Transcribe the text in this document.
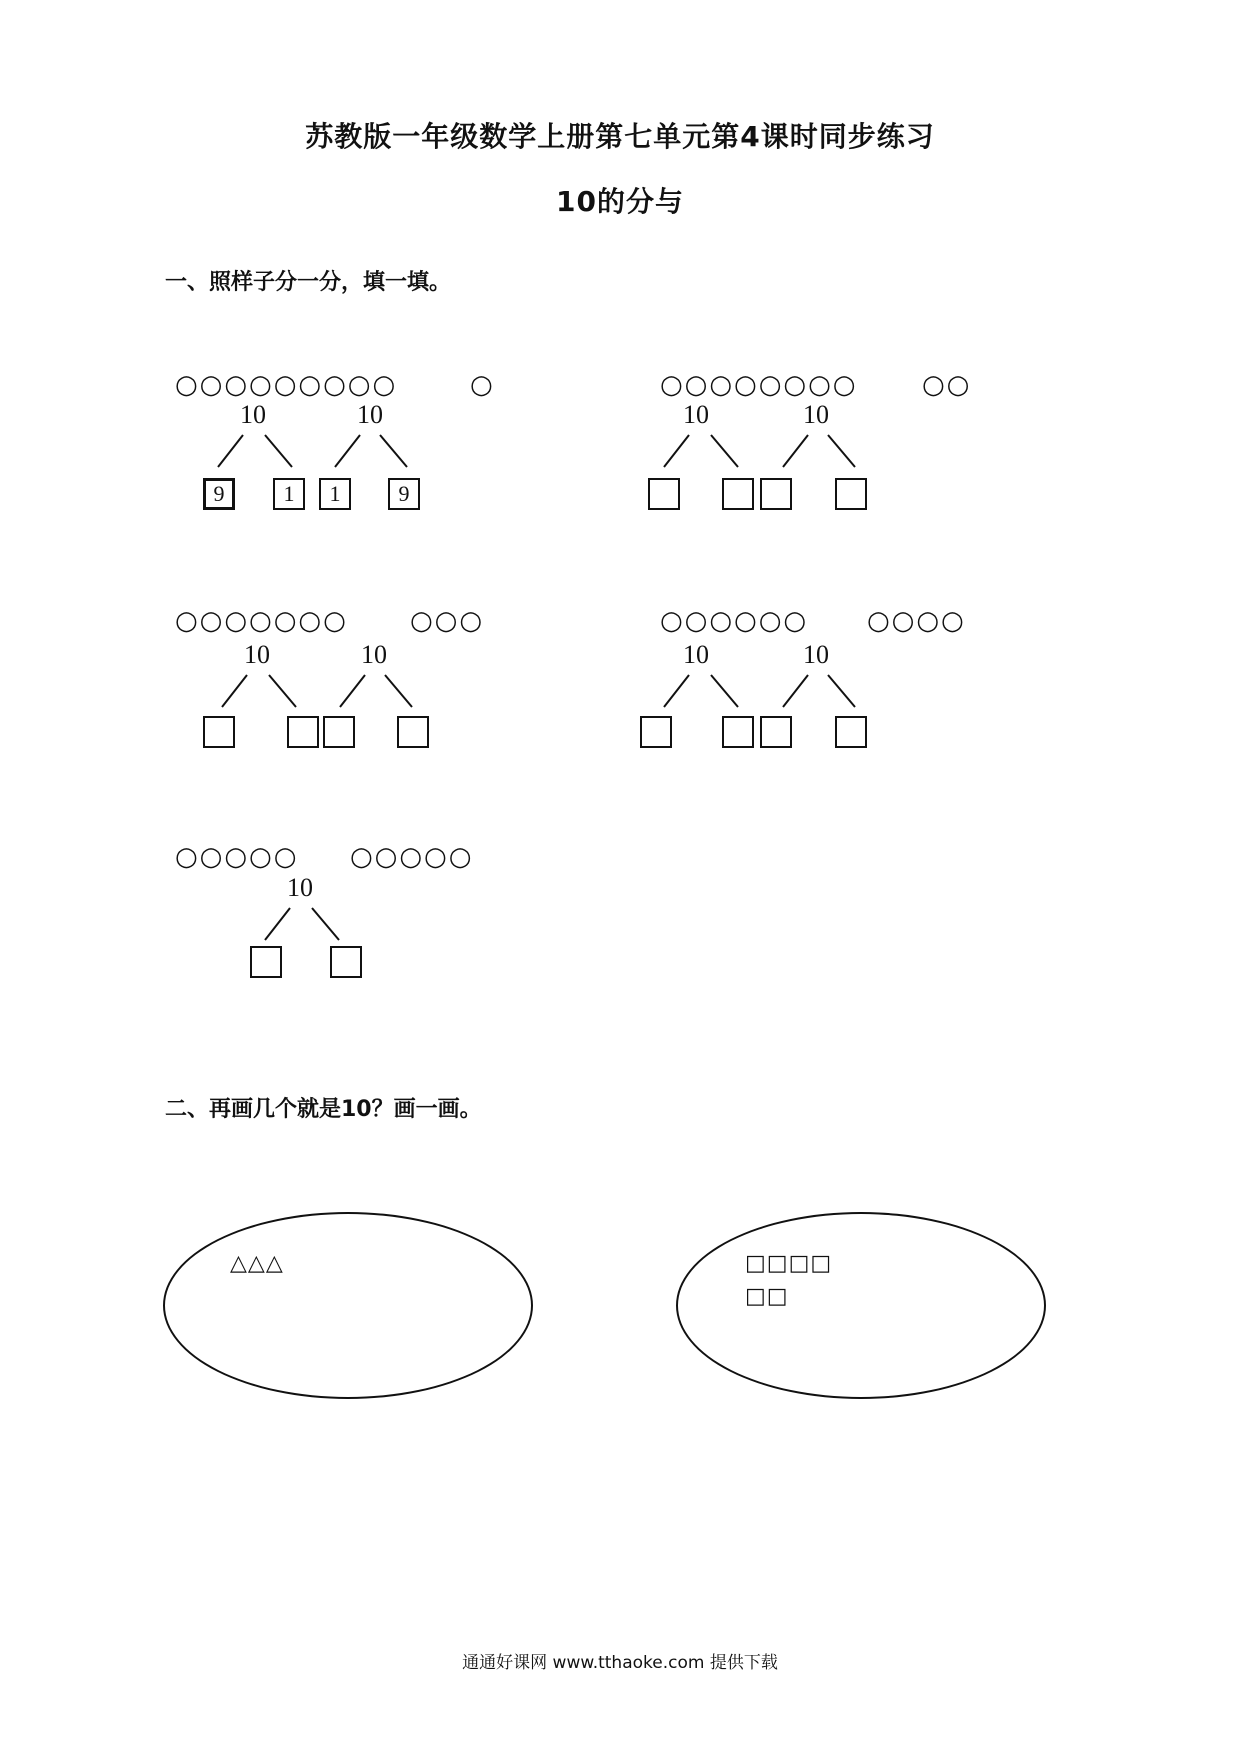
苏教版一年级数学上册第七单元第4课时同步练习
10的分与
一、照样子分一分，填一填。
○○○○○○○○○	○
10	10
9	1	1	9
○○○○○○○○ ○○
10	10
○○○○○○○ ○○○
10	10
○○○○○○ ○○○○
10	10
○○○○○ ○○○○○
10
二、再画几个就是10？画一画。
△△△	□□□□
□□
通通好课网 www.tthaoke.com 提供下载
